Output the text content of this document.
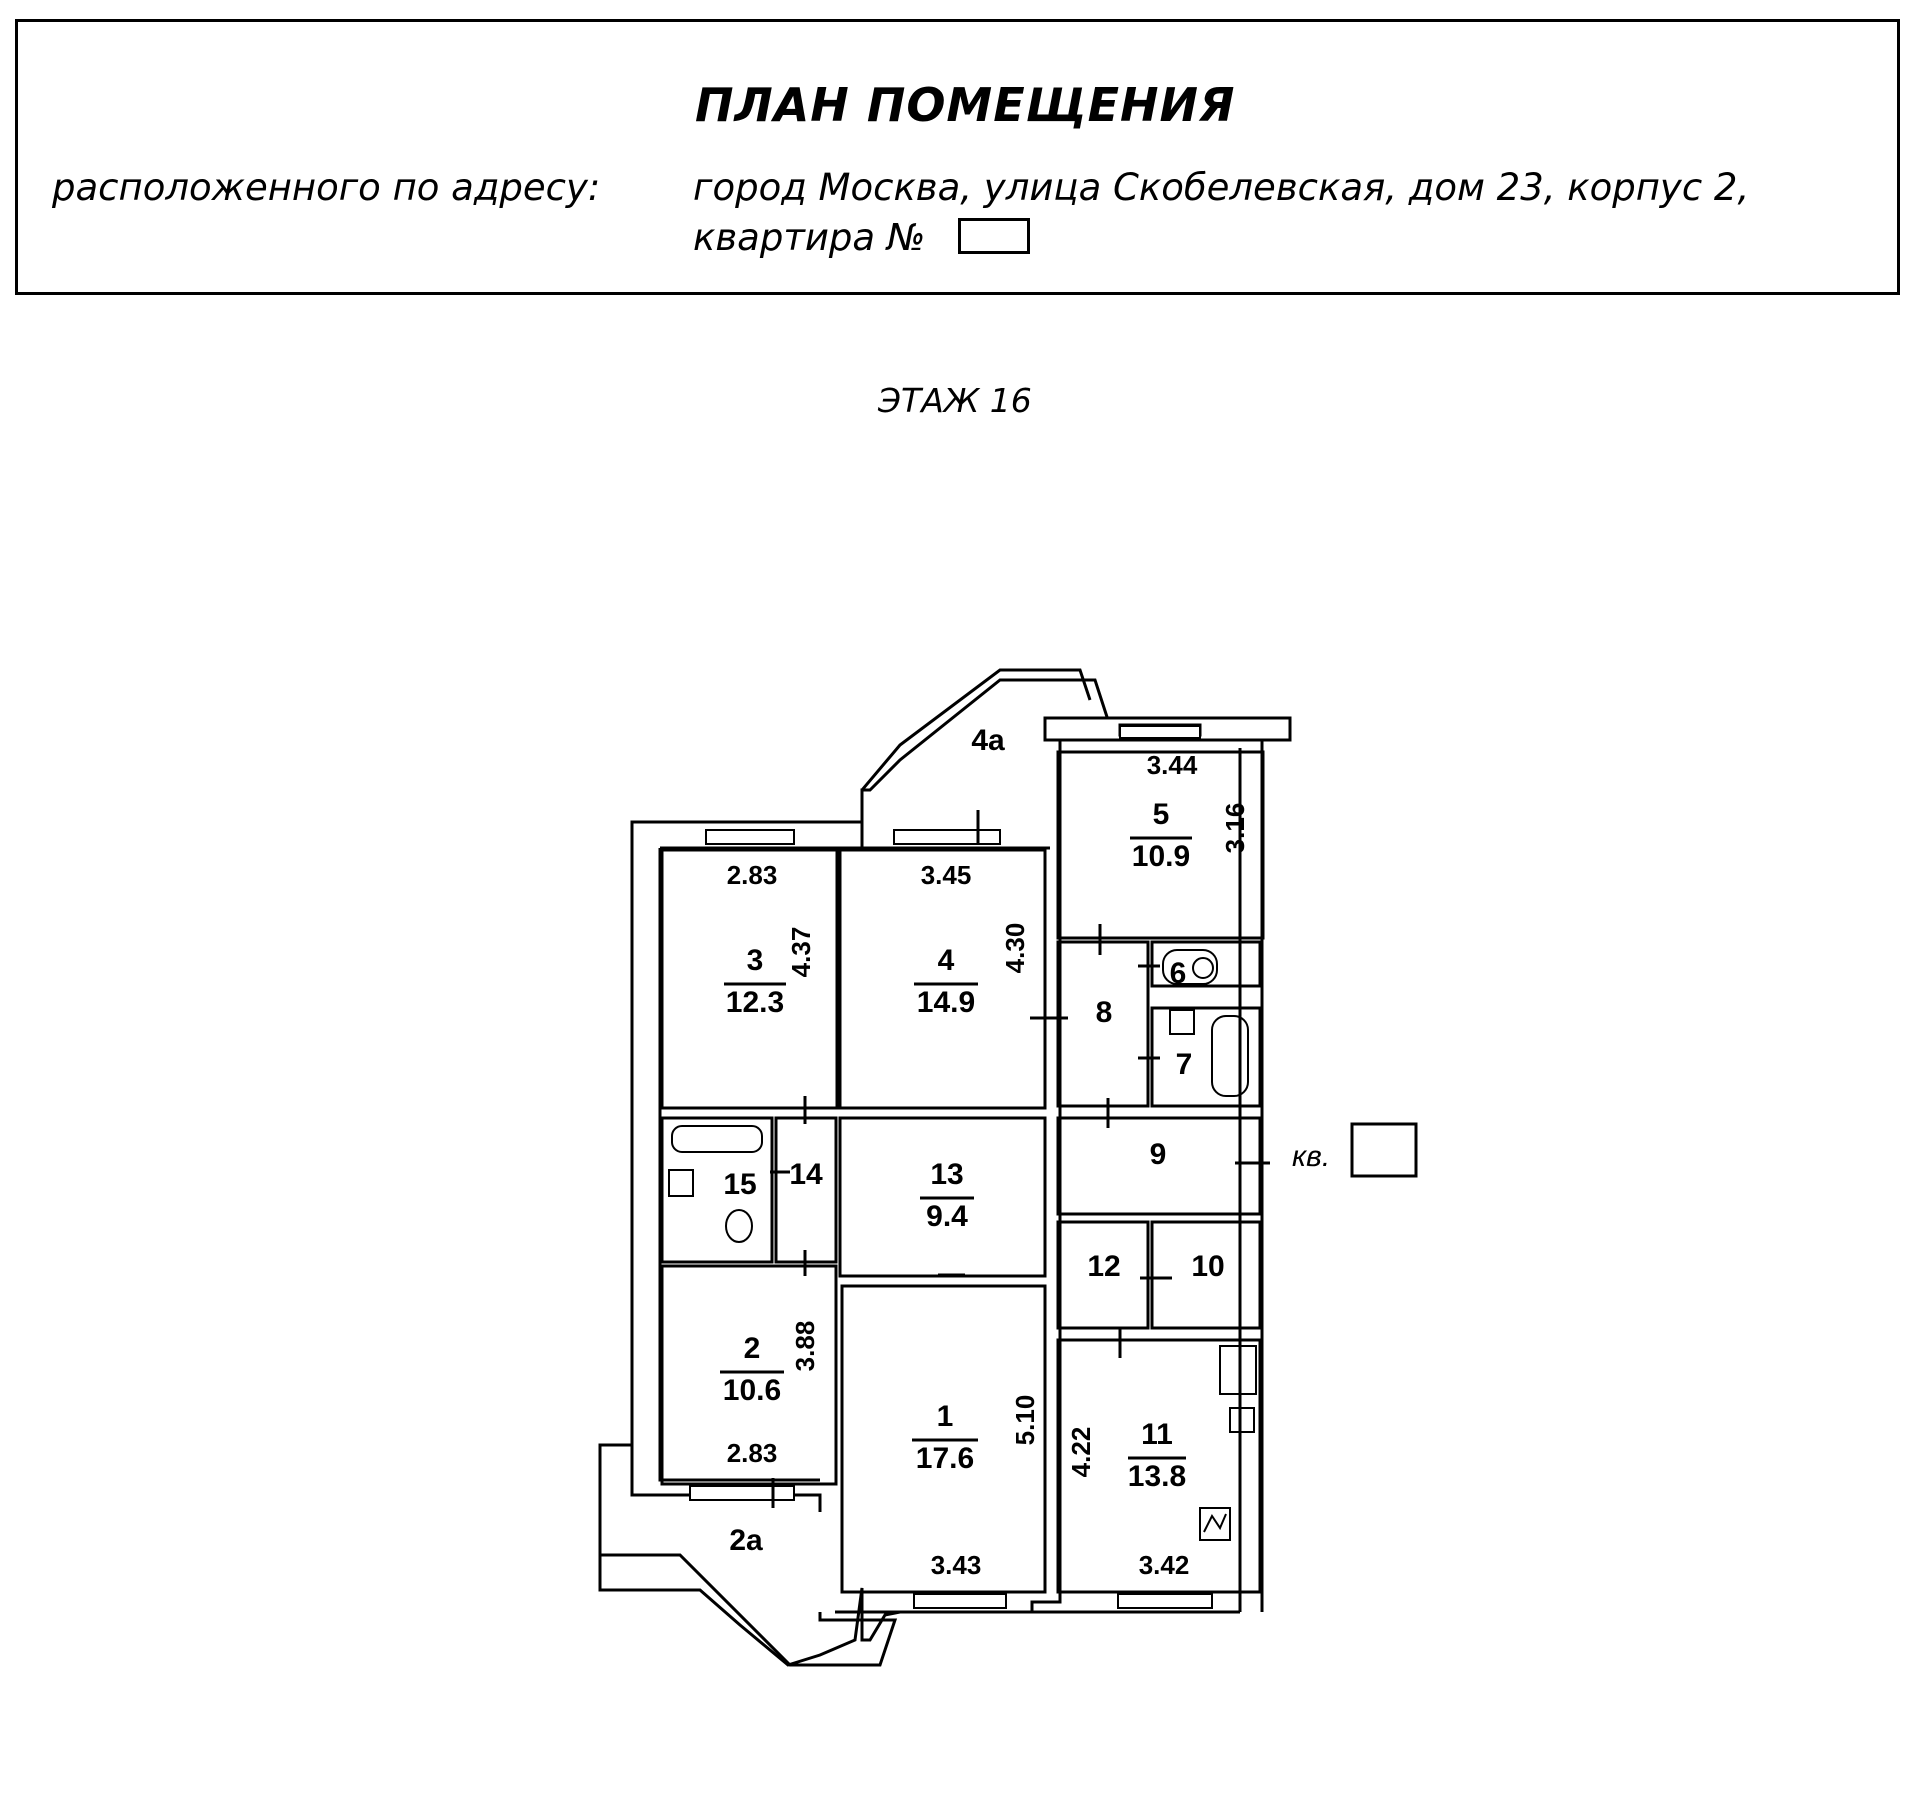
ПЛАН ПОМЕЩЕНИЯ
расположенного по адресу:	город Москва, улица Скобелевская, дом 23, корпус 2,
квартира №
ЭТАЖ 16
3
12.3
4
14.9
5
10.9
13
9.4
2
10.6
1
17.6
11
13.8
4a
2a
6
7
8
9
10
12
14
15
2.83
4.37
3.45
4.30
3.44
3.16
3.88
2.83
5.10
3.43
4.22
3.42
кв.
